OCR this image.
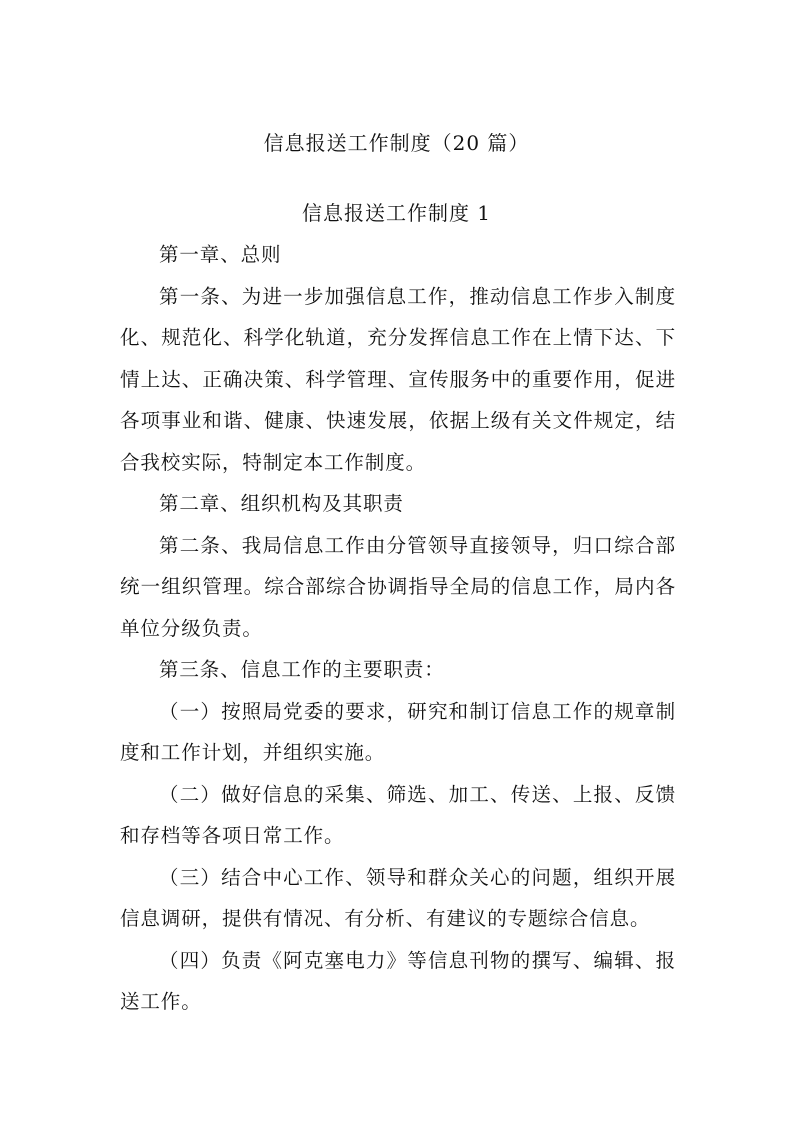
信息报送工作制度（20 篇）
信息报送工作制度 1

第一章、总则

第一条、为进一步加强信息工作，推动信息工作步入制度化、规范化、科学化轨道，充分发挥信息工作在上情下达、下情上达、正确决策、科学管理、宣传服务中的重要作用，促进各项事业和谐、健康、快速发展，依据上级有关文件规定，结合我校实际，特制定本工作制度。

第二章、组织机构及其职责

第二条、我局信息工作由分管领导直接领导，归口综合部统一组织管理。综合部综合协调指导全局的信息工作，局内各单位分级负责。

第三条、信息工作的主要职责：

（一）按照局党委的要求，研究和制订信息工作的规章制度和工作计划，并组织实施。

（二）做好信息的采集、筛选、加工、传送、上报、反馈和存档等各项日常工作。

（三）结合中心工作、领导和群众关心的问题，组织开展信息调研，提供有情况、有分析、有建议的专题综合信息。

（四）负责《阿克塞电力》等信息刊物的撰写、编辑、报送工作。
